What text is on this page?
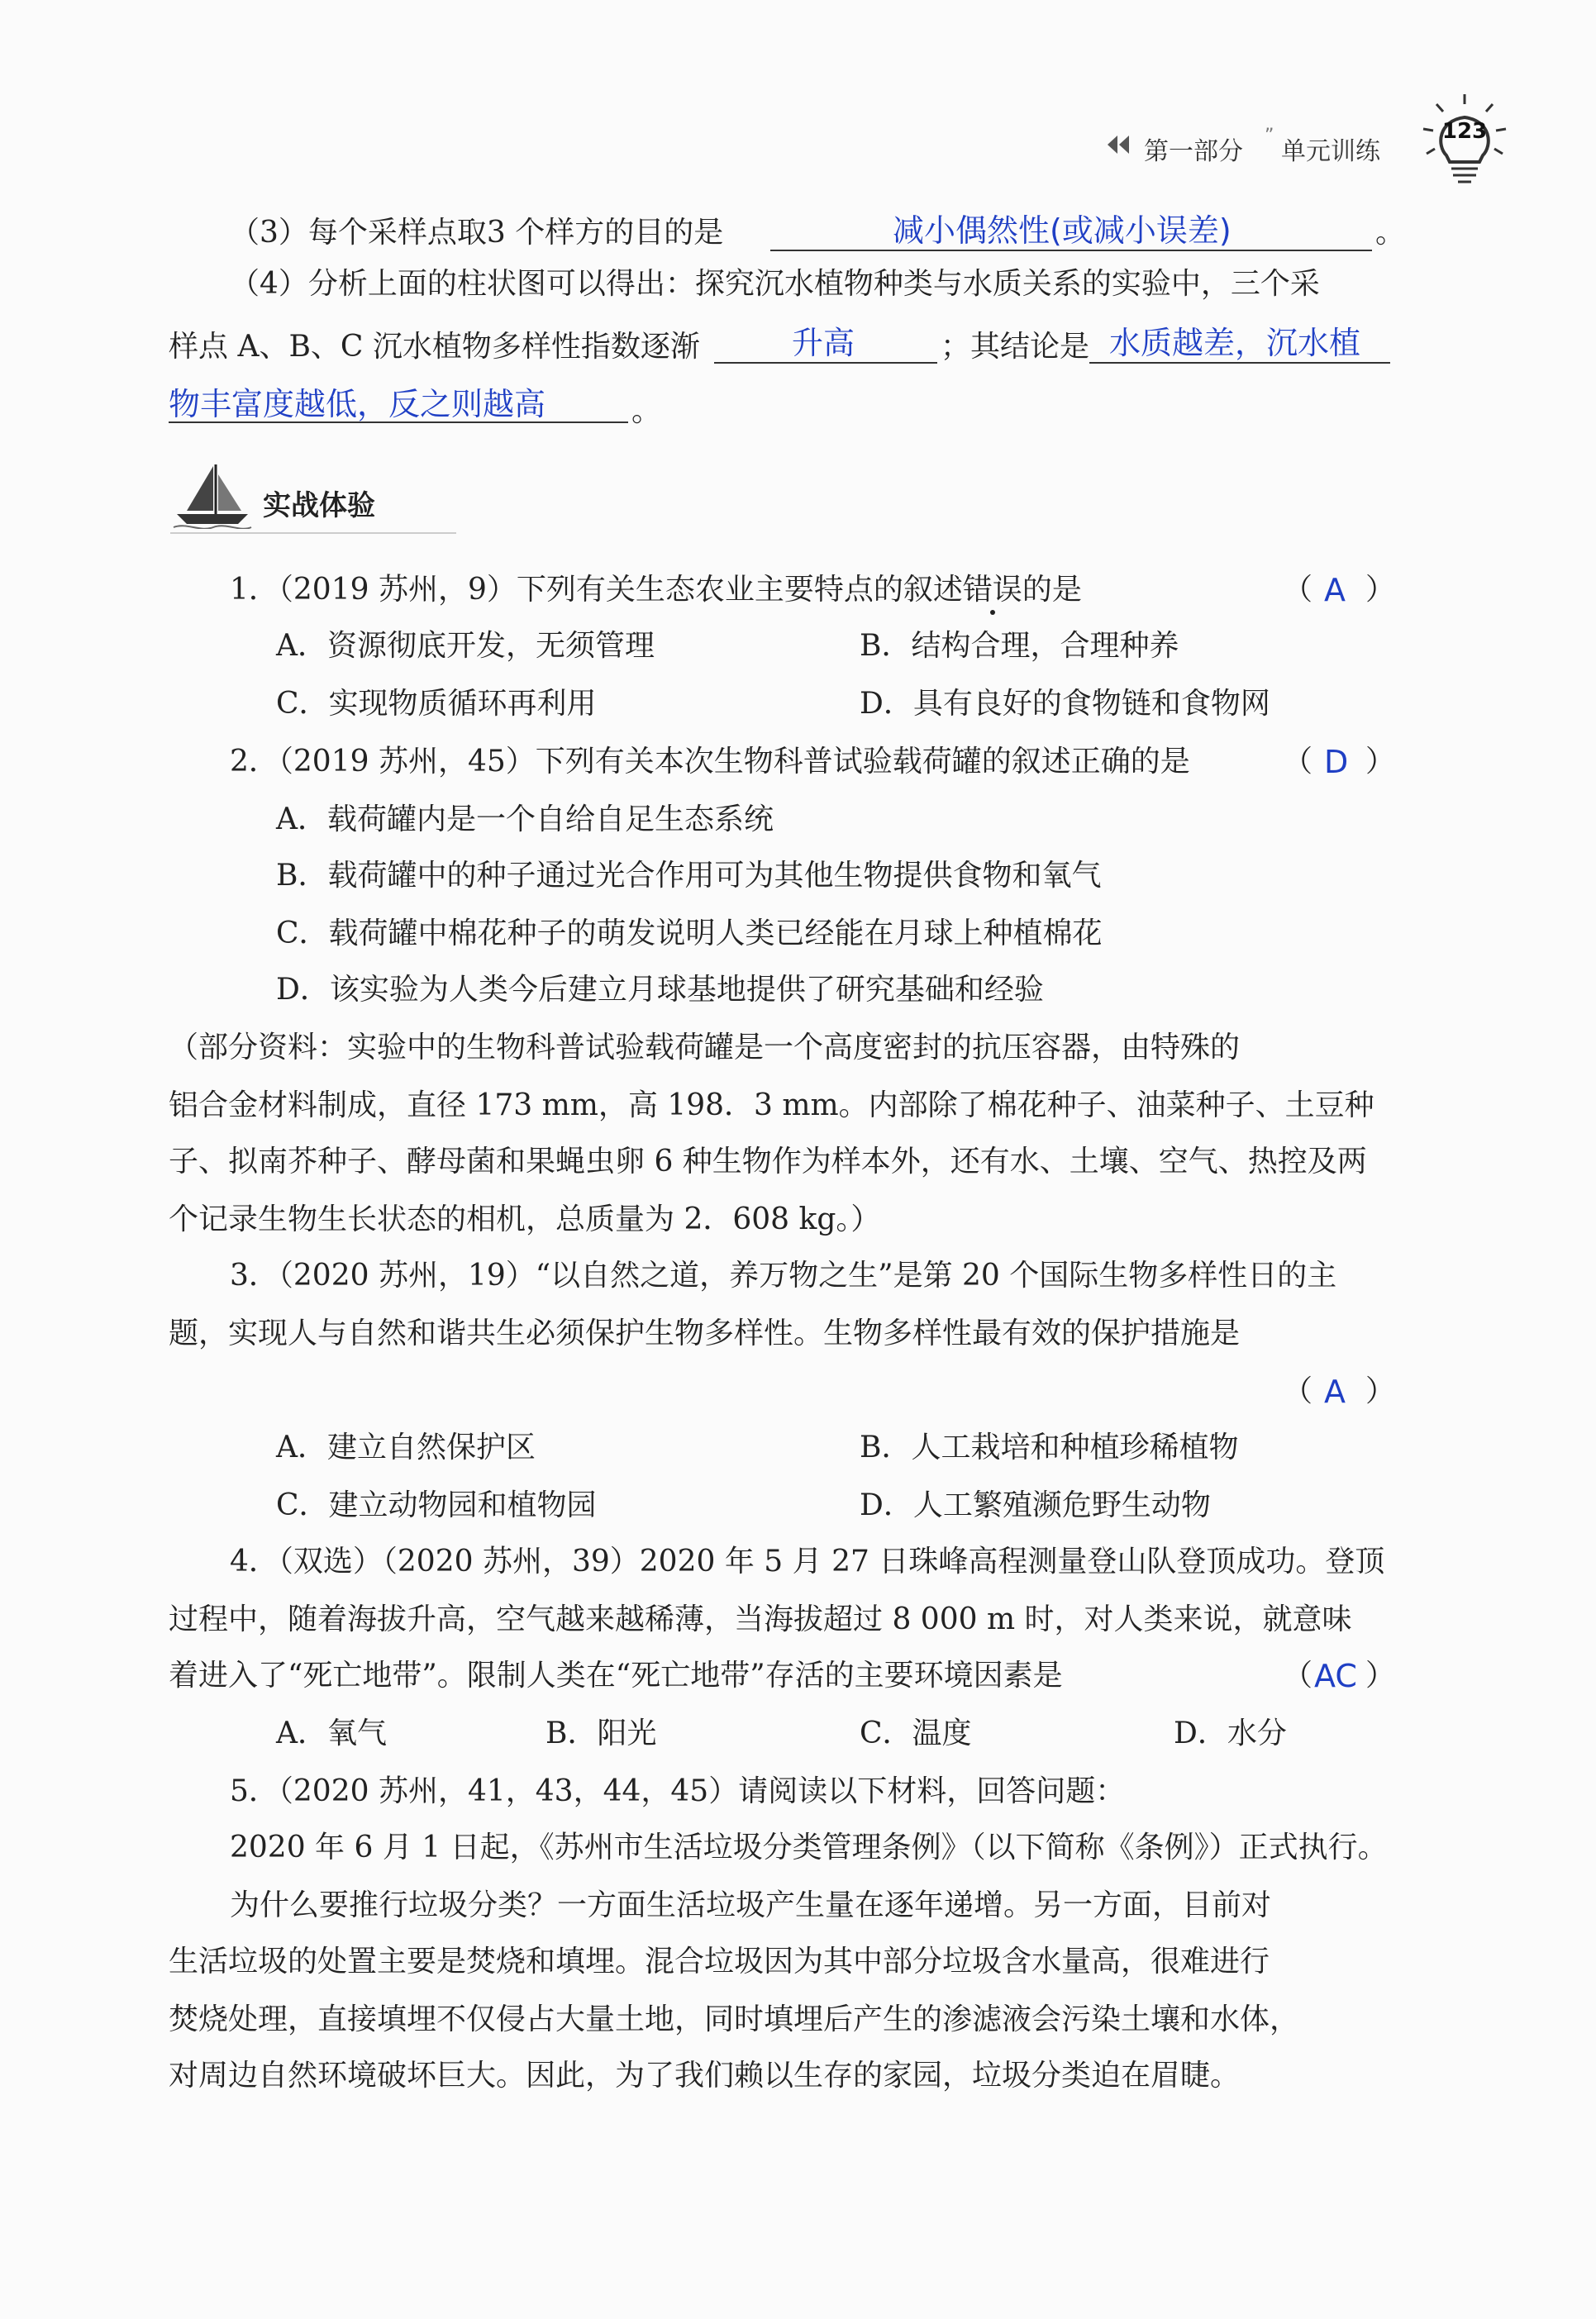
第一部分
”
单元训练
123
（3）每个采样点取3 个样方的目的是	减小偶然性(或减小误差)	。
（4）分析上面的柱状图可以得出：探究沉水植物种类与水质关系的实验中，三个采
样点 A、B、C 沉水植物多样性指数逐渐	升高	；其结论是 水质越差，沉水植
物丰富度越低，反之则越高	。
实战体验
1．（2019 苏州，9）下列有关生态农业主要特点的叙述错误的是	（ A ）
A．资源彻底开发，无须管理	B．结构合理，合理种养
C．实现物质循环再利用	D．具有良好的食物链和食物网
2．（2019 苏州，45）下列有关本次生物科普试验载荷罐的叙述正确的是	（ D ）
A．载荷罐内是一个自给自足生态系统
B．载荷罐中的种子通过光合作用可为其他生物提供食物和氧气
C．载荷罐中棉花种子的萌发说明人类已经能在月球上种植棉花
D．该实验为人类今后建立月球基地提供了研究基础和经验
（部分资料：实验中的生物科普试验载荷罐是一个高度密封的抗压容器，由特殊的
铝合金材料制成，直径 173 mm，高 198．3 mm。内部除了棉花种子、油菜种子、土豆种
子、拟南芥种子、酵母菌和果蝇虫卵 6 种生物作为样本外，还有水、土壤、空气、热控及两
个记录生物生长状态的相机，总质量为 2．608 kg。）
3．（2020 苏州，19）“以自然之道，养万物之生”是第 20 个国际生物多样性日的主
题，实现人与自然和谐共生必须保护生物多样性。生物多样性最有效的保护措施是
（ A ）
A．建立自然保护区	B．人工栽培和种植珍稀植物
C．建立动物园和植物园	D．人工繁殖濒危野生动物
4．（双选）（2020 苏州，39）2020 年 5 月 27 日珠峰高程测量登山队登顶成功。登顶
过程中，随着海拔升高，空气越来越稀薄，当海拔超过 8 000 m 时，对人类来说，就意味
着进入了“死亡地带”。限制人类在“死亡地带”存活的主要环境因素是	（ AC ）
A．氧气	B．阳光	C．温度	D．水分
5．（2020 苏州，41，43，44，45）请阅读以下材料，回答问题：
2020 年 6 月 1 日起，《苏州市生活垃圾分类管理条例》（以下简称《条例》）正式执行。
为什么要推行垃圾分类？一方面生活垃圾产生量在逐年递增。另一方面，目前对
生活垃圾的处置主要是焚烧和填埋。混合垃圾因为其中部分垃圾含水量高，很难进行
焚烧处理，直接填埋不仅侵占大量土地，同时填埋后产生的渗滤液会污染土壤和水体，
对周边自然环境破坏巨大。因此，为了我们赖以生存的家园，垃圾分类迫在眉睫。
